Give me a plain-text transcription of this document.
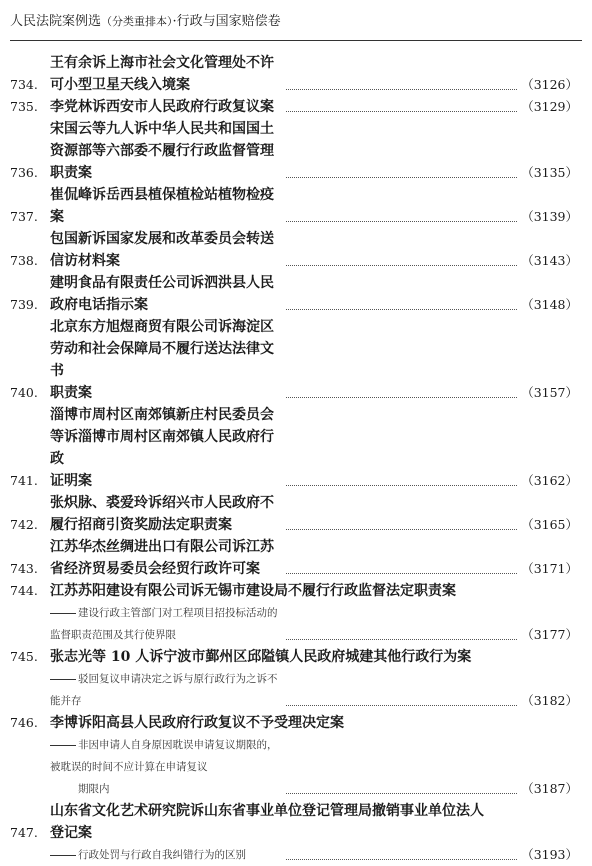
人民法院案例选（分类重排本）·行政与国家赔偿卷
734.
王有余诉上海市社会文化管理处不许可小型卫星天线入境案	（3126）
735. 李党林诉西安市人民政府行政复议案	（3129）
736.
宋国云等九人诉中华人民共和国国土资源部等六部委不履行行政监督管理
职责案	（3135）
737.
崔侃峰诉岳西县植保植检站植物检疫案	（3139）
738.
包国新诉国家发展和改革委员会转送信访材料案	（3143）
739.
建明食品有限责任公司诉泗洪县人民政府电话指示案	（3148）
740.
北京东方旭煜商贸有限公司诉海淀区劳动和社会保障局不履行送达法律文书
职责案	（3157）
741.
淄博市周村区南郊镇新庄村民委员会等诉淄博市周村区南郊镇人民政府行政
证明案	（3162）
742.
张炽脉、裘爱玲诉绍兴市人民政府不履行招商引资奖励法定职责案	（3165）
743.
江苏华杰丝绸进出口有限公司诉江苏省经济贸易委员会经贸行政许可案	（3171）
744. 江苏苏阳建设有限公司诉无锡市建设局不履行行政监督法定职责案
建设行政主管部门对工程项目招投标活动的监督职责范围及其行使界限	（3177）
745. 张志光等 10 人诉宁波市鄞州区邱隘镇人民政府城建其他行政行为案
驳回复议申请决定之诉与原行政行为之诉不能并存	（3182）
746. 李博诉阳高县人民政府行政复议不予受理决定案
非因申请人自身原因耽误申请复议期限的，被耽误的时间不应计算在申请复议
期限内	（3187）
747.
山东省文化艺术研究院诉山东省事业单位登记管理局撤销事业单位法人
登记案
行政处罚与行政自我纠错行为的区别	（3193）
